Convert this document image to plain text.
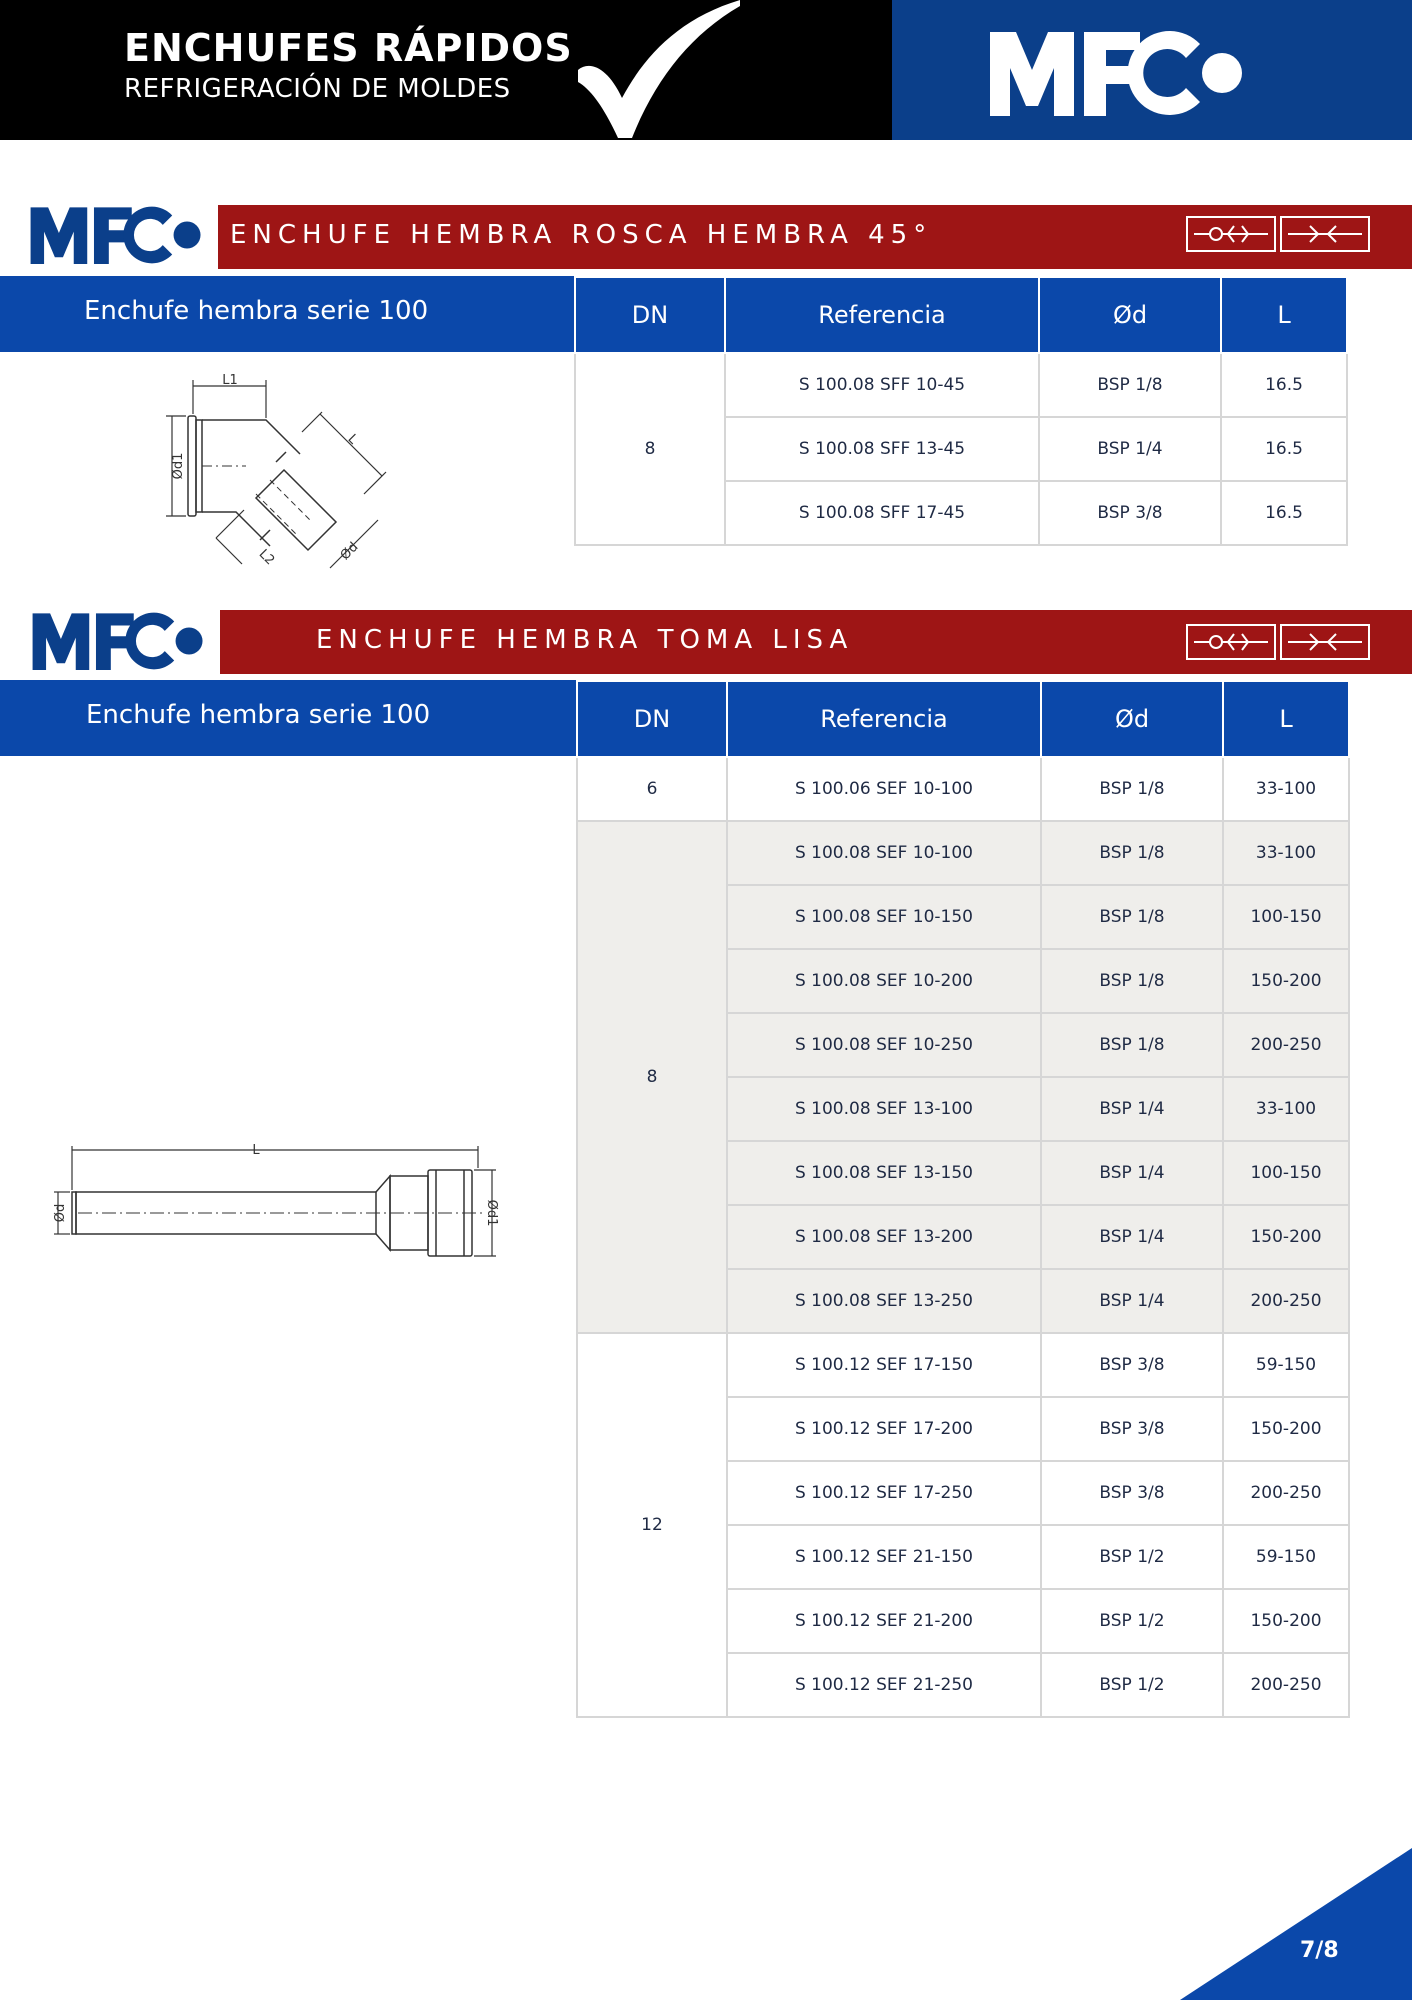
ENCHUFES RÁPIDOS
REFRIGERACIÓN DE MOLDES
ENCHUFE HEMBRA ROSCA HEMBRA 45°
Enchufe hembra serie 100
L1
Ød1
L
Ød
L2
DN	Referencia	Ød	L
8	S 100.08 SFF 10-45	BSP 1/8	16.5
	S 100.08 SFF 13-45	BSP 1/4	16.5
	S 100.08 SFF 17-45	BSP 3/8	16.5
ENCHUFE HEMBRA TOMA LISA
Enchufe hembra serie 100
L
Ød	Ød1
DN	Referencia	Ød	L
6	S 100.06 SEF 10-100	BSP 1/8	33-100
8	S 100.08 SEF 10-100	BSP 1/8	33-100
	S 100.08 SEF 10-150	BSP 1/8	100-150
	S 100.08 SEF 10-200	BSP 1/8	150-200
	S 100.08 SEF 10-250	BSP 1/8	200-250
	S 100.08 SEF 13-100	BSP 1/4	33-100
	S 100.08 SEF 13-150	BSP 1/4	100-150
	S 100.08 SEF 13-200	BSP 1/4	150-200
	S 100.08 SEF 13-250	BSP 1/4	200-250
12	S 100.12 SEF 17-150	BSP 3/8	59-150
	S 100.12 SEF 17-200	BSP 3/8	150-200
	S 100.12 SEF 17-250	BSP 3/8	200-250
	S 100.12 SEF 21-150	BSP 1/2	59-150
	S 100.12 SEF 21-200	BSP 1/2	150-200
	S 100.12 SEF 21-250	BSP 1/2	200-250
7/8
